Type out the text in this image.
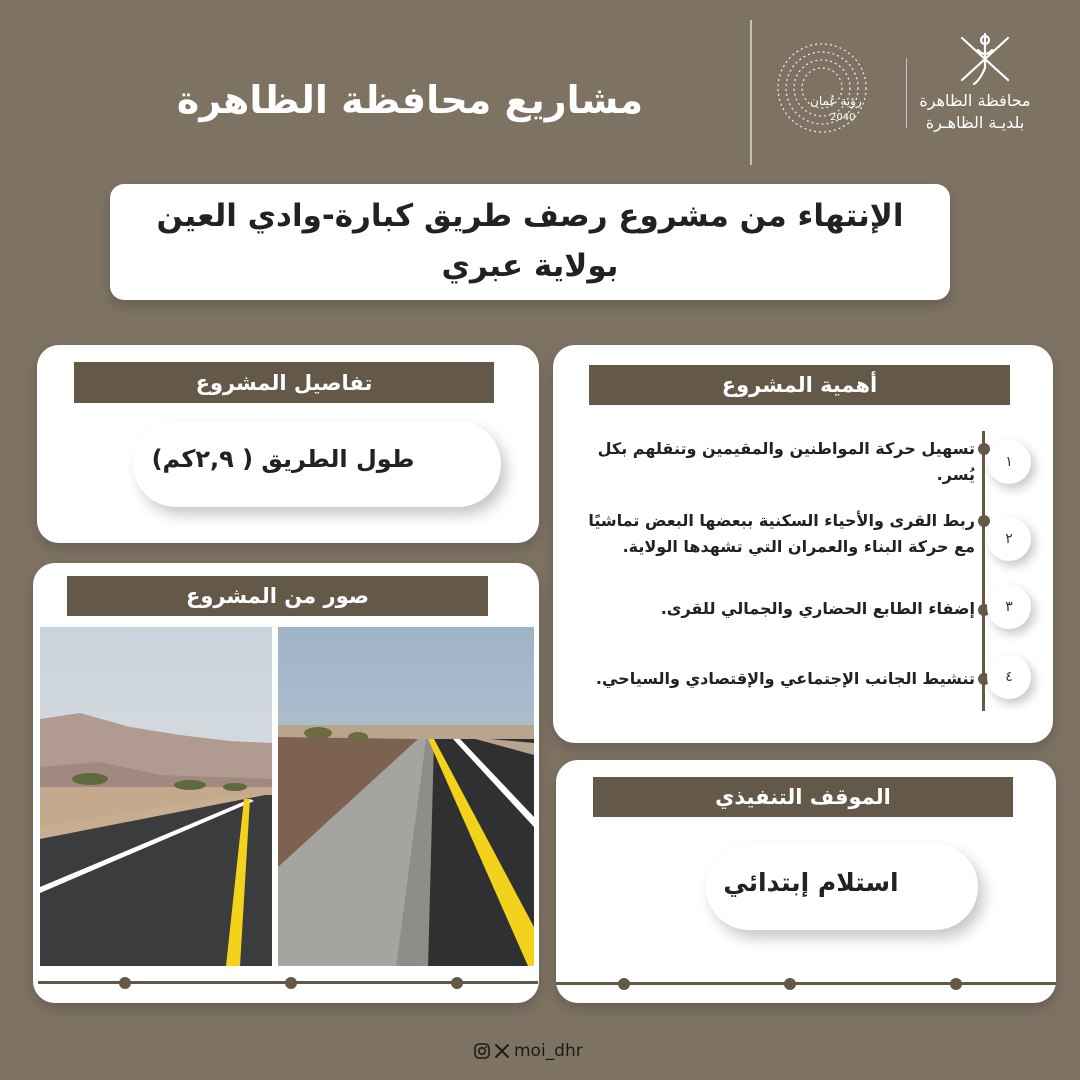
مشاريع محافظة الظاهرة	رؤية عُمان
2040
محافظة الظاهرة
بلديـة الظاهـرة
الإنتهاء من مشروع رصف طريق كبارة-وادي العين
بولاية عبري
تفاصيل المشروع
طول الطريق ( ٢,٩كم)
أهمية المشروع
١
تسهيل حركة المواطنين والمقيمين وتنقلهم بكل يُسر.
٢
ربط القرى والأحياء السكنية ببعضها البعض تماشيًا مع حركة البناء والعمران التي تشهدها الولاية.
٣
إضفاء الطابع الحضاري والجمالي للقرى.
٤
تنشيط الجانب الإجتماعي والإقتصادي والسياحي.
صور من المشروع
الموقف التنفيذي
استلام إبتدائي
moi_dhr
